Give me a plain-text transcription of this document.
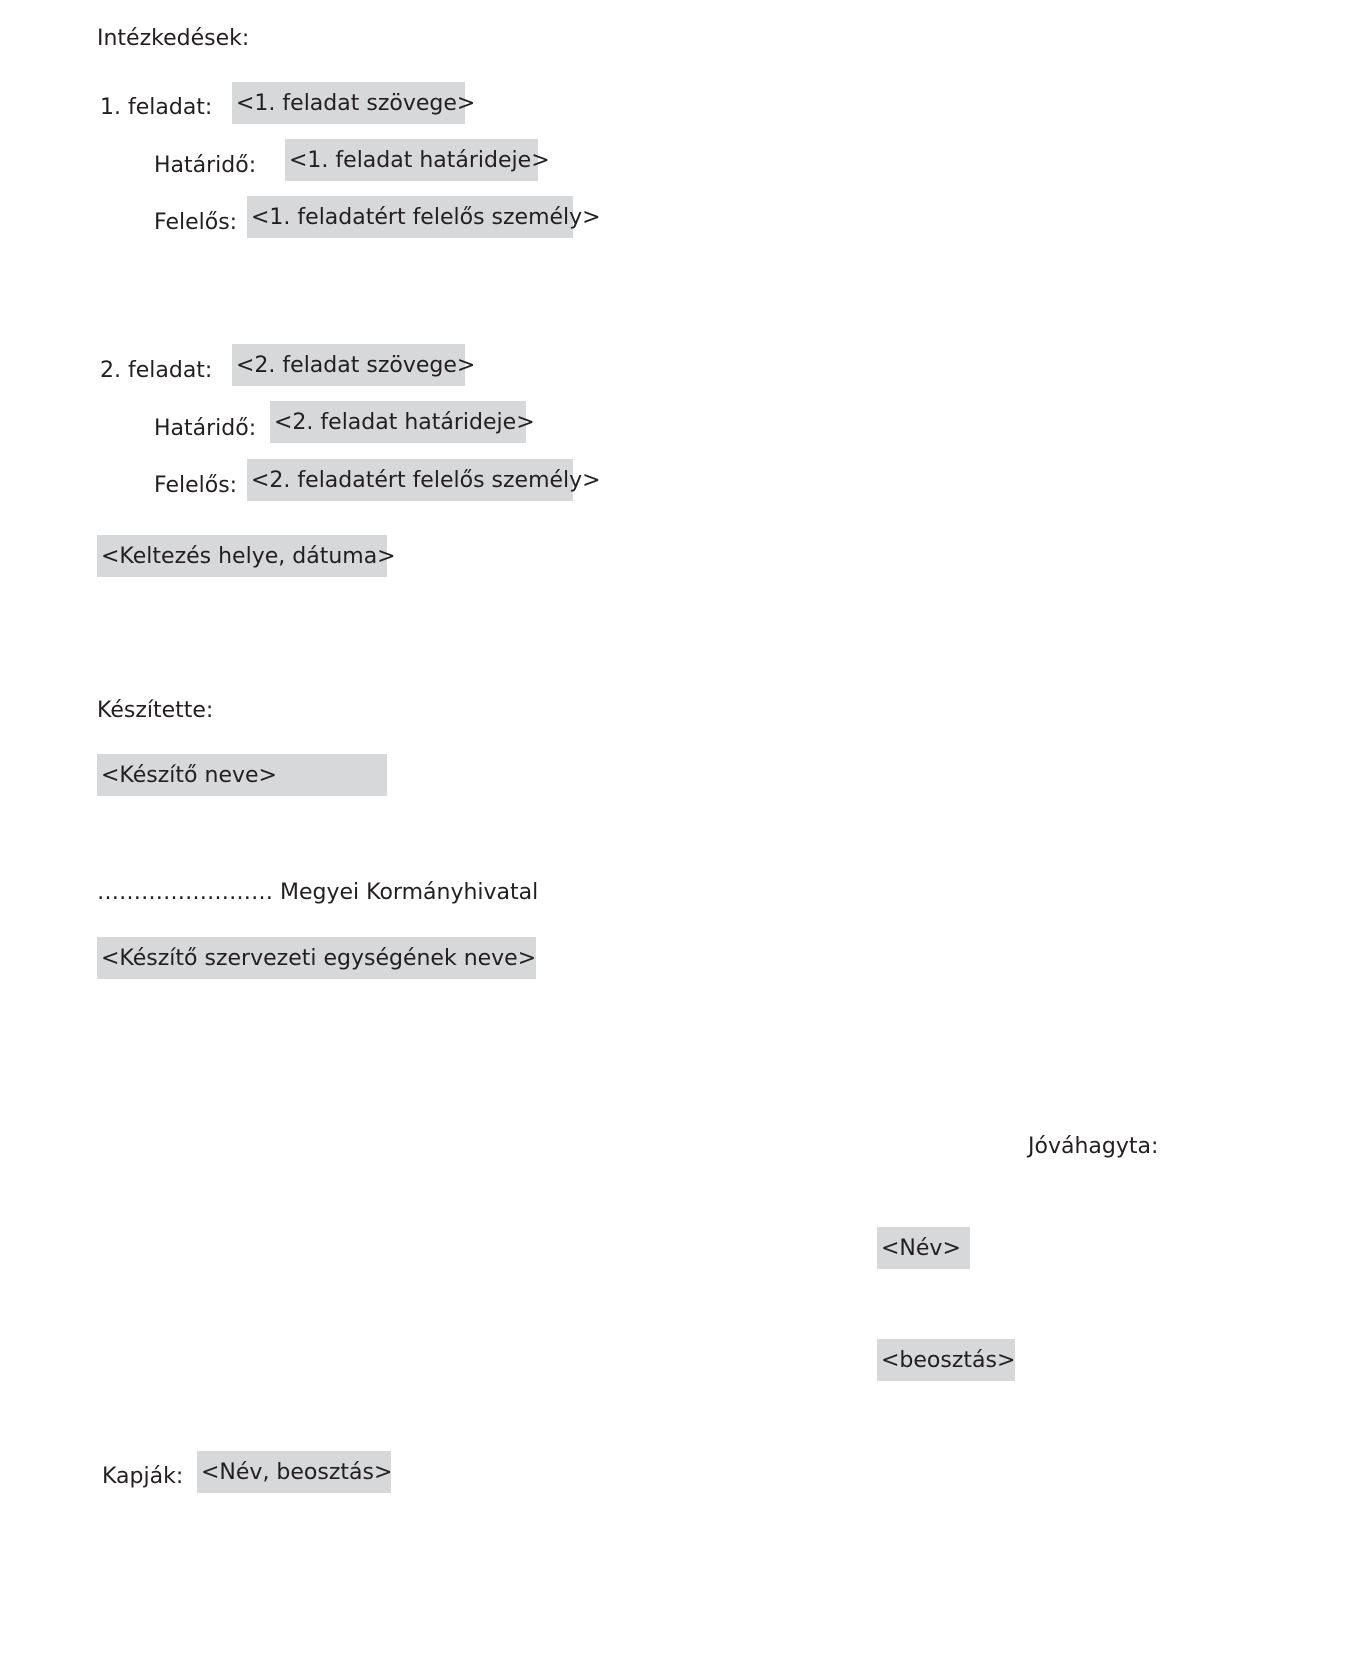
Intézkedések:
1. feladat: <1. feladat szövege>
Határidő: <1. feladat határideje>
Felelős: <1. feladatért felelős személy>
2. feladat: <2. feladat szövege>
Határidő: <2. feladat határideje>
Felelős: <2. feladatért felelős személy>
<Keltezés helye, dátuma>
Készítette:
<Készítő neve>
…………………… Megyei Kormányhivatal
<Készítő szervezeti egységének neve>
Jóváhagyta:
<Név>
<beosztás>
Kapják: <Név, beosztás>
